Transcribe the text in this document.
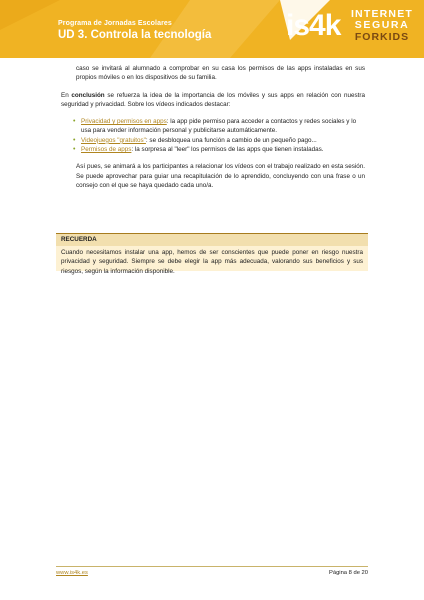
Programa de Jornadas Escolares
UD 3. Controla la tecnología is4k INTERNET
SEGURA
FORKIDS

caso se invitará al alumnado a comprobar en su casa los permisos de las apps instaladas en sus propios móviles o en los dispositivos de su familia.

En conclusión se refuerza la idea de la importancia de los móviles y sus apps en relación con nuestra seguridad y privacidad. Sobre los vídeos indicados destacar:

• Privacidad y permisos en apps: la app pide permiso para acceder a contactos y redes sociales y lo usa para vender información personal y publicitarse automáticamente.
• Videojuegos "gratuitos": se desbloquea una función a cambio de un pequeño pago...
• Permisos de apps: la sorpresa al "leer" los permisos de las apps que tienen instaladas.

Así pues, se animará a los participantes a relacionar los vídeos con el trabajo realizado en esta sesión. Se puede aprovechar para guiar una recapitulación de lo aprendido, concluyendo con una frase o un consejo con el que se haya quedado cada uno/a.

RECUERDA
Cuando necesitamos instalar una app, hemos de ser conscientes que puede poner en riesgo nuestra privacidad y seguridad. Siempre se debe elegir la app más adecuada, valorando sus beneficios y sus riesgos, según la información disponible.
www.is4k.es	Página 8 de 20
